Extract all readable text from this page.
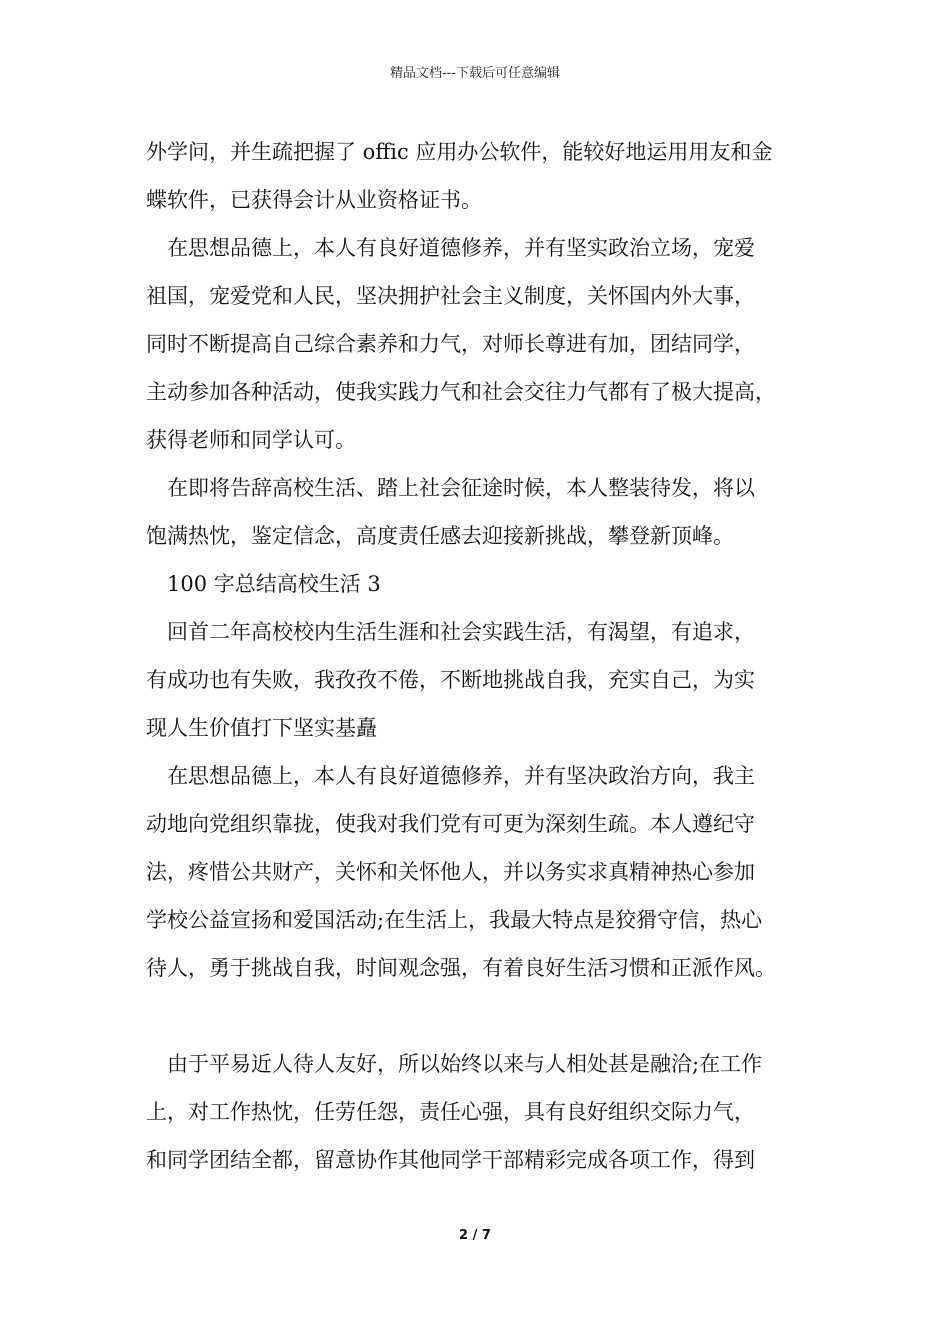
精品文档---下载后可任意编辑
外学问，并生疏把握了 offic 应用办公软件，能较好地运用用友和金
蝶软件，已获得会计从业资格证书。
在思想品德上，本人有良好道德修养，并有坚实政治立场，宠爱
祖国，宠爱党和人民，坚决拥护社会主义制度，关怀国内外大事，
同时不断提高自己综合素养和力气，对师长尊进有加，团结同学，
主动参加各种活动，使我实践力气和社会交往力气都有了极大提高，
获得老师和同学认可。
在即将告辞高校生活、踏上社会征途时候，本人整装待发，将以
饱满热忱，鉴定信念，高度责任感去迎接新挑战，攀登新顶峰。
100 字总结高校生活 3
回首二年高校校内生活生涯和社会实践生活，有渴望，有追求，
有成功也有失败，我孜孜不倦，不断地挑战自我，充实自己，为实
现人生价值打下坚实基矗
在思想品德上，本人有良好道德修养，并有坚决政治方向，我主
动地向党组织靠拢，使我对我们党有可更为深刻生疏。本人遵纪守
法，疼惜公共财产，关怀和关怀他人，并以务实求真精神热心参加
学校公益宣扬和爱国活动;在生活上，我最大特点是狡猾守信，热心
待人，勇于挑战自我，时间观念强，有着良好生活习惯和正派作风。
由于平易近人待人友好，所以始终以来与人相处甚是融洽;在工作
上，对工作热忱，任劳任怨，责任心强，具有良好组织交际力气，
和同学团结全都，留意协作其他同学干部精彩完成各项工作，得到
2 / 7
